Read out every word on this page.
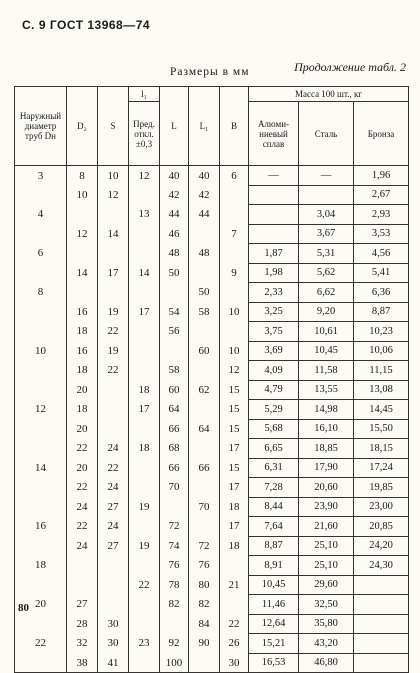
С. 9 ГОСТ 13968—74
Продолжение табл. 2
Размеры в мм
Наружный диаметр труб Dн	D₂	S	l₁	L	L₁	B	Масса 100 шт., кг		
			Пред. откл. ±0,3				Алюми-ниевый сплав	Сталь	Бронза
3	8	10	12	40	40	6	—	—	1,96
	10	12		42	42				2,67
4			13	44	44			3,04	2,93
	12	14		46		7		3,67	3,53
6				48	48		1,87	5,31	4,56
	14	17	14	50		9	1,98	5,62	5,41
8					50		2,33	6,62	6,36
	16	19	17	54	58	10	3,25	9,20	8,87
	18	22		56			3,75	10,61	10,23
10	16	19			60	10	3,69	10,45	10,06
	18	22		58		12	4,09	11,58	11,15
	20		18	60	62	15	4,79	13,55	13,08
12	18		17	64		15	5,29	14,98	14,45
	20			66	64	15	5,68	16,10	15,50
	22	24	18	68		17	6,65	18,85	18,15
14	20	22		66	66	15	6,31	17,90	17,24
	22	24		70		17	7,28	20,60	19,85
	24	27	19		70	18	8,44	23,90	23,00
16	22	24		72		17	7,64	21,60	20,85
	24	27	19	74	72	18	8,87	25,10	24,20
18				76	76		8,91	25,10	24,30
			22	78	80	21	10,45	29,60	
20	27			82	82		11,46	32,50	
	28	30			84	22	12,64	35,80	
22	32	30	23	92	90	26	15,21	43,20	
	38	41		100		30	16,53	46,80	
80
